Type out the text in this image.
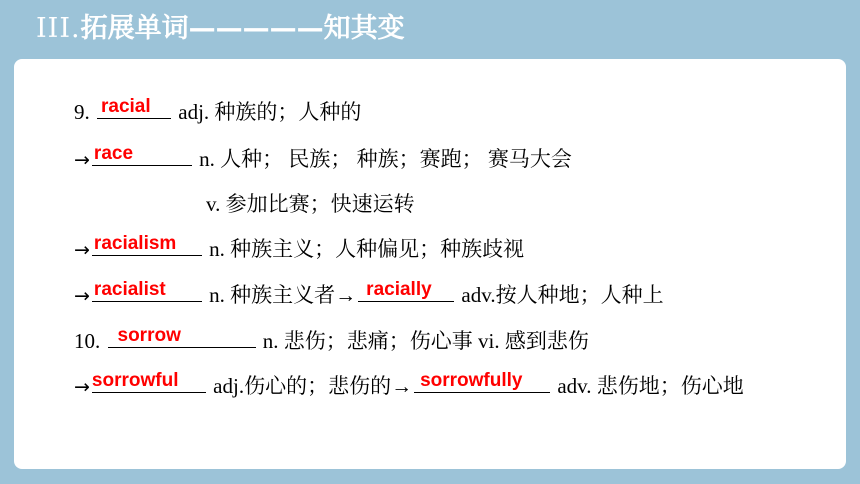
III.拓展单词—————知其变
9. racial adj. 种族的；人种的
→ race	n. 人种； 民族； 种族；赛跑； 赛马大会
v. 参加比赛；快速运转
→ racialism n. 种族主义；人种偏见；种族歧视
→ racialist n. 种族主义者→ racially adv.按人种地；人种上
10. sorrow	n. 悲伤；悲痛；伤心事 vi. 感到悲伤
→ sorrowful adj.伤心的；悲伤的→ sorrowfully adv. 悲伤地；伤心地
